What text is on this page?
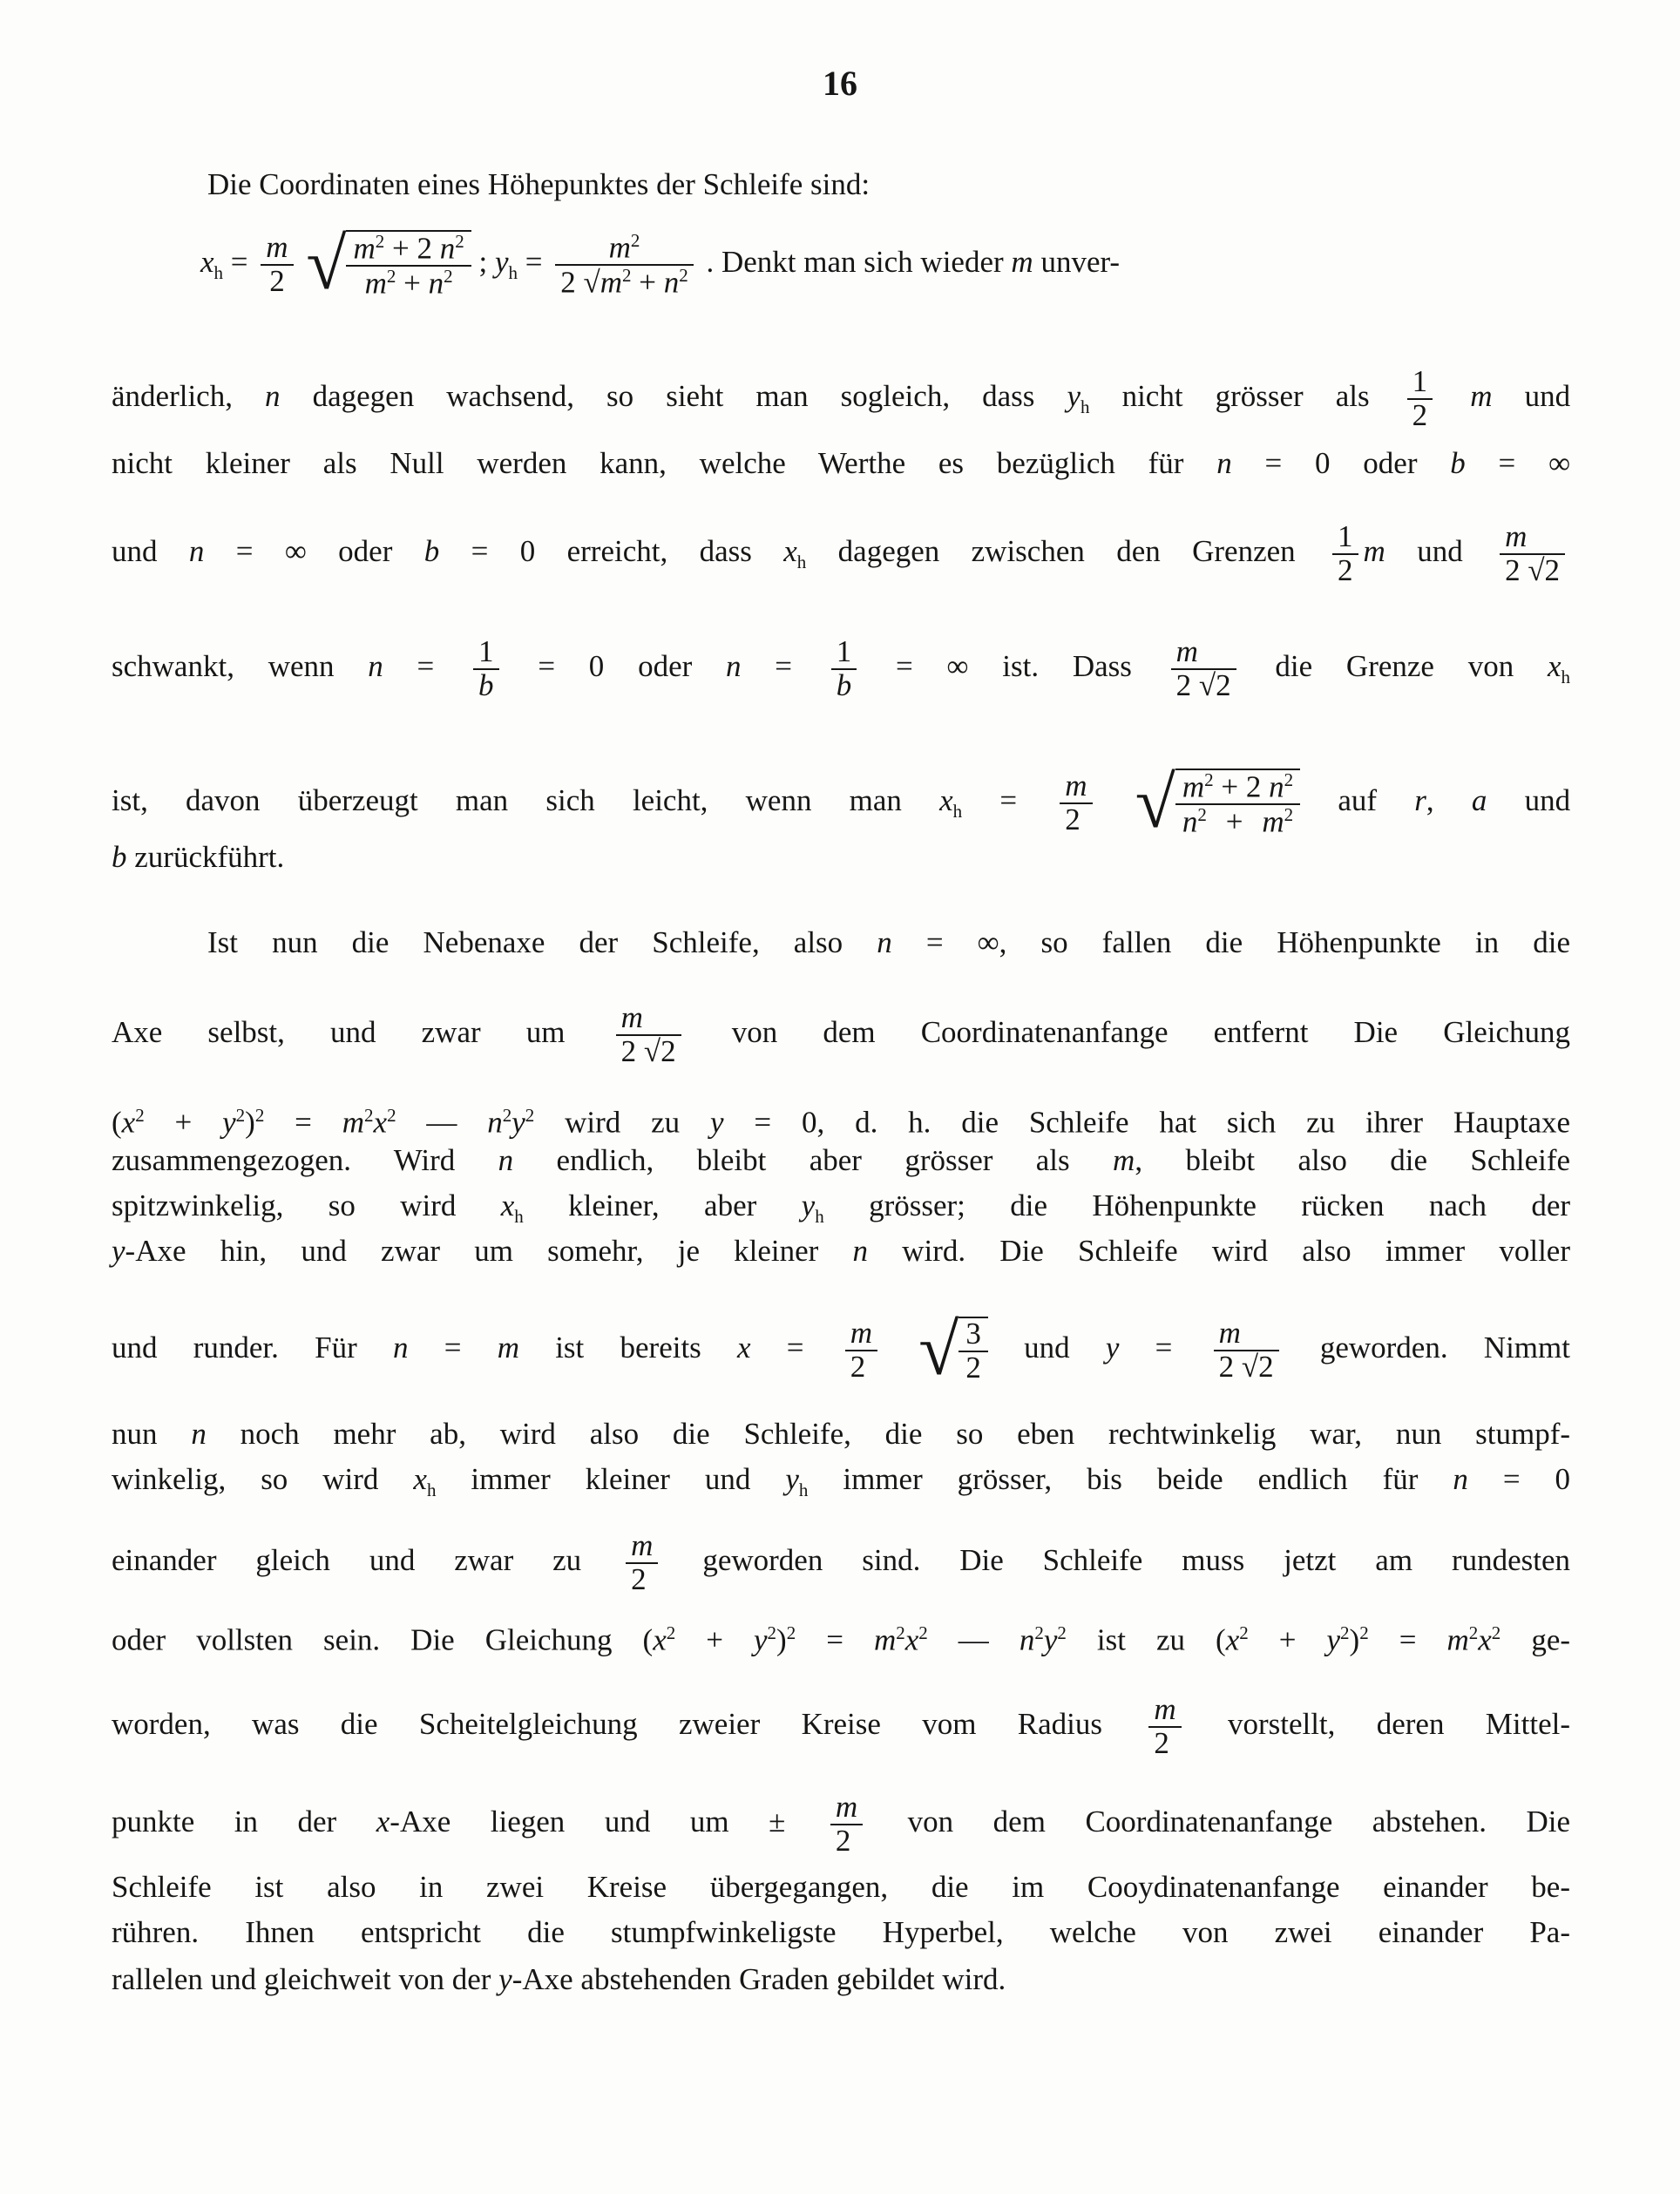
16
Die Coordinaten eines Höhepunktes der Schleife sind:
$x_h = \frac{m}{2}$ √ $\frac{m^2 + 2 n^2}{m^2 + n^2}$ ; $y_h = \frac{m^2}{2 √m^2 + n^2}$ . Denkt man sich wieder m unver-
änderlich, n dagegen wachsend, so sieht man sogleich, dass $y_h$ nicht grösser als $\frac{1}{2}$ m und
nicht kleiner als Null werden kann, welche Werthe es bezüglich für n = 0 oder b = ∞
und n = ∞ oder b = 0 erreicht, dass $x_h$ dagegen zwischen den Grenzen $\frac{1}{2}$ m und $\frac{m}{2 √2}$
schwankt, wenn $n = \frac{1}{b} = 0$ oder $n = \frac{1}{b}$ = ∞ ist. Dass $\frac{m}{2 √2}$ die Grenze von $x_h$
ist, davon überzeugt man sich leicht, wenn man $x_h = \frac{m}{2}$ √ $\frac{m^2 + 2 n^2}{n^2 + m^2}$ auf r, a und
b zurückführt.
Ist nun die Nebenaxe der Schleife, also n = ∞, so fallen die Höhenpunkte in die
Axe selbst, und zwar um $\frac{m}{2 √2}$ von dem Coordinatenanfange entfernt Die Gleichung
$(x^2 + y^2)^2 = m^2x^2$ — $n^2y^2$ wird zu y = 0, d. h. die Schleife hat sich zu ihrer Hauptaxe
zusammengezogen. Wird n endlich, bleibt aber grösser als m, bleibt also die Schleife
spitzwinkelig, so wird $x_h$ kleiner, aber $y_h$ grösser; die Höhenpunkte rücken nach der
y-Axe hin, und zwar um somehr, je kleiner n wird. Die Schleife wird also immer voller
und runder. Für n = m ist bereits $x = \frac{m}{2}$ √ $\frac{3}{2}$ und $y = \frac{m}{2 √2}$ geworden. Nimmt
nun n noch mehr ab, wird also die Schleife, die so eben rechtwinkelig war, nun stumpf-
winkelig, so wird $x_h$ immer kleiner und $y_h$ immer grösser, bis beide endlich für n = 0
einander gleich und zwar zu $\frac{m}{2}$ geworden sind. Die Schleife muss jetzt am rundesten
oder vollsten sein. Die Gleichung $(x^2 + y^2)^2 = m^2x^2$ — $n^2y^2$ ist zu $(x^2 + y^2)^2 = m^2x^2$ ge-
worden, was die Scheitelgleichung zweier Kreise vom Radius $\frac{m}{2}$ vorstellt, deren Mittel-
punkte in der x-Axe liegen und um ± $\frac{m}{2}$ von dem Coordinatenanfange abstehen. Die
Schleife ist also in zwei Kreise übergegangen, die im Cooydinatenanfange einander be-
rühren. Ihnen entspricht die stumpfwinkeligste Hyperbel, welche von zwei einander Pa-
rallelen und gleichweit von der y-Axe abstehenden Graden gebildet wird.
